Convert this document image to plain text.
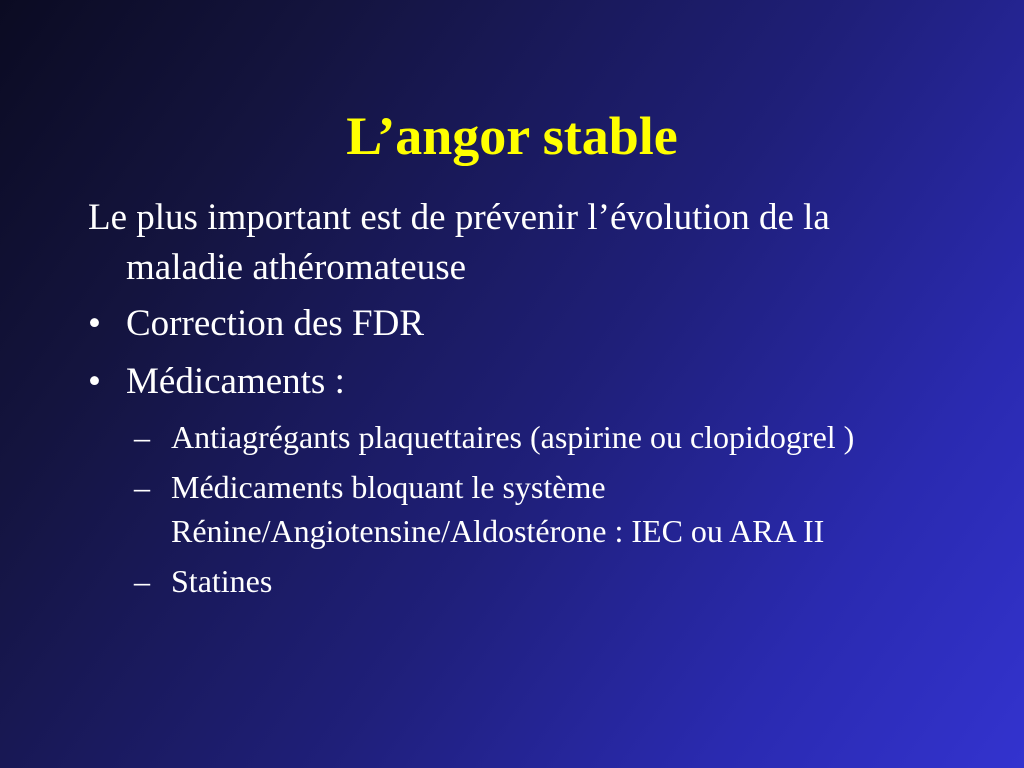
L’angor stable

Le plus important est de prévenir l’évolution de la maladie athéromateuse

• Correction des FDR
• Médicaments :
– Antiagrégants plaquettaires (aspirine ou clopidogrel )
– Médicaments bloquant le système Rénine/Angiotensine/Aldostérone : IEC ou ARA II
– Statines
